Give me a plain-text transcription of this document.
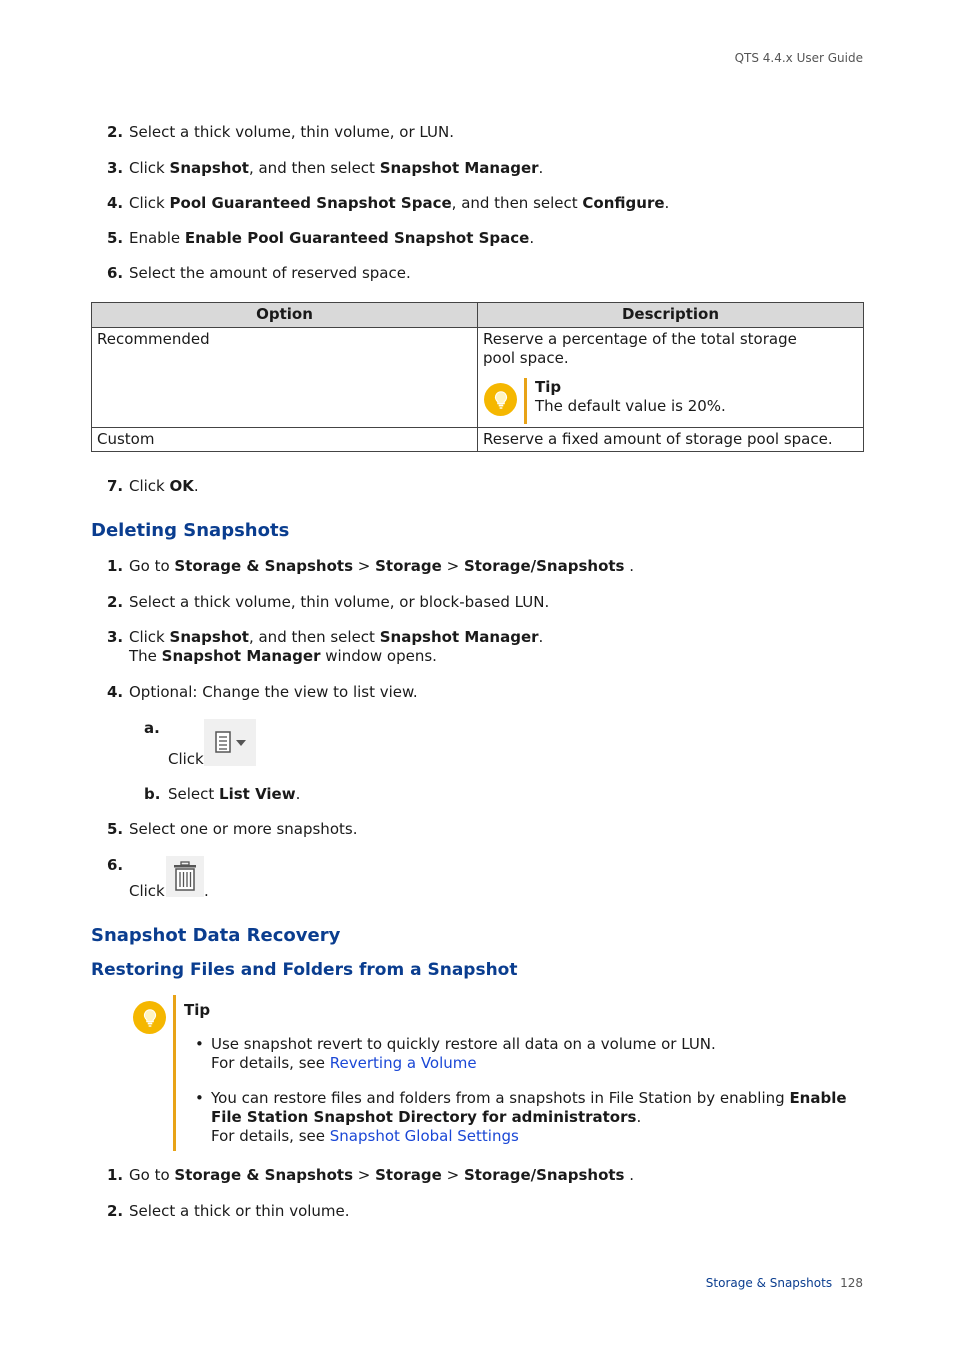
QTS 4.4.x User Guide
2. Select a thick volume, thin volume, or LUN.
3. Click Snapshot, and then select Snapshot Manager.
4. Click Pool Guaranteed Snapshot Space, and then select Configure.
5. Enable Enable Pool Guaranteed Snapshot Space.
6. Select the amount of reserved space.
Option	Description
Recommended	Reserve a percentage of the total storage pool space.
Tip
The default value is 20%.

Custom	Reserve a fixed amount of storage pool space.
7. Click OK.
Deleting Snapshots
1. Go to Storage & Snapshots > Storage > Storage/Snapshots .
2. Select a thick volume, thin volume, or block-based LUN.
3. Click Snapshot, and then select Snapshot Manager.
The Snapshot Manager window opens.
4. Optional: Change the view to list view.
a.
Click
b. Select List View.
5. Select one or more snapshots.
6.
Click	.
Snapshot Data Recovery
Restoring Files and Folders from a Snapshot
Tip
• Use snapshot revert to quickly restore all data on a volume or LUN.
For details, see Reverting a Volume
• You can restore files and folders from a snapshots in File Station by enabling Enable
File Station Snapshot Directory for administrators.
For details, see Snapshot Global Settings
1. Go to Storage & Snapshots > Storage > Storage/Snapshots .
2. Select a thick or thin volume.
Storage & Snapshots 128
